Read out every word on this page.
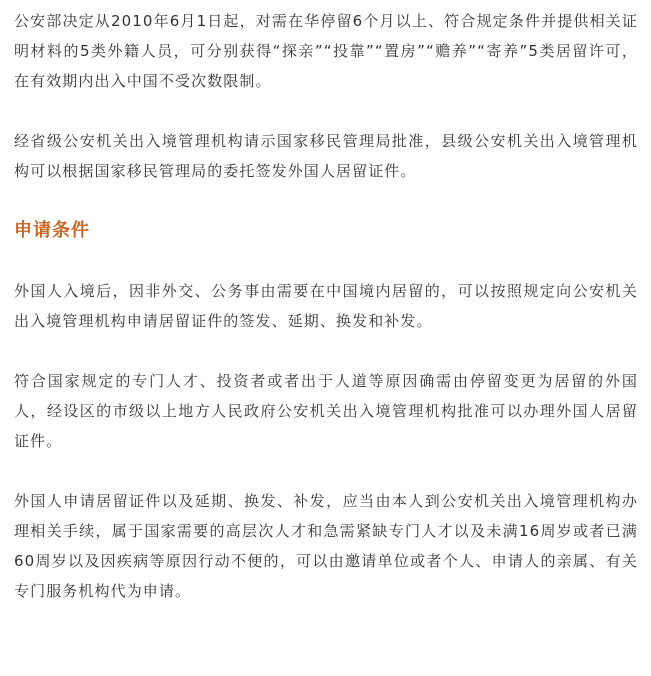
公安部决定从2010年6月1日起，对需在华停留6个月以上、符合规定条件并提供相关证明材料的5类外籍人员，可分别获得“探亲”“投靠”“置房”“赡养”“寄养”5类居留许可，在有效期内出入中国不受次数限制。

经省级公安机关出入境管理机构请示国家移民管理局批准，县级公安机关出入境管理机构可以根据国家移民管理局的委托签发外国人居留证件。

申请条件

外国人入境后，因非外交、公务事由需要在中国境内居留的，可以按照规定向公安机关出入境管理机构申请居留证件的签发、延期、换发和补发。

符合国家规定的专门人才、投资者或者出于人道等原因确需由停留变更为居留的外国人，经设区的市级以上地方人民政府公安机关出入境管理机构批准可以办理外国人居留证件。

外国人申请居留证件以及延期、换发、补发，应当由本人到公安机关出入境管理机构办理相关手续，属于国家需要的高层次人才和急需紧缺专门人才以及未满16周岁或者已满60周岁以及因疾病等原因行动不便的，可以由邀请单位或者个人、申请人的亲属、有关专门服务机构代为申请。
